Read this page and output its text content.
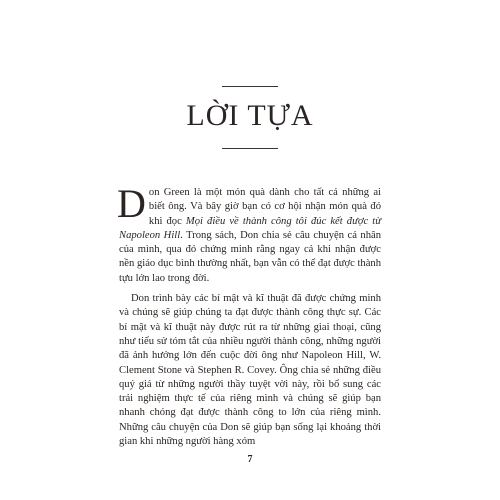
LỜI TỰA

Don Green là một món quà dành cho tất cả những ai biết ông. Và bây giờ bạn có cơ hội nhận món quà đó khi đọc Mọi điều về thành công tôi đúc kết được từ Napoleon Hill. Trong sách, Don chia sẻ câu chuyện cá nhân của mình, qua đó chứng minh rằng ngay cả khi nhận được nền giáo dục bình thường nhất, bạn vẫn có thể đạt được thành tựu lớn lao trong đời.

Don trình bày các bí mật và kĩ thuật đã được chứng minh và chúng sẽ giúp chúng ta đạt được thành công thực sự. Các bí mật và kĩ thuật này được rút ra từ những giai thoại, cũng như tiểu sử tóm tắt của nhiều người thành công, những người đã ảnh hưởng lớn đến cuộc đời ông như Napoleon Hill, W. Clement Stone và Stephen R. Covey. Ông chia sẻ những điều quý giá từ những người thầy tuyệt vời này, rồi bổ sung các trải nghiệm thực tế của riêng mình và chúng sẽ giúp bạn nhanh chóng đạt được thành công to lớn của riêng mình. Những câu chuyện của Don sẽ giúp bạn sống lại khoảng thời gian khi những người hàng xóm

7
